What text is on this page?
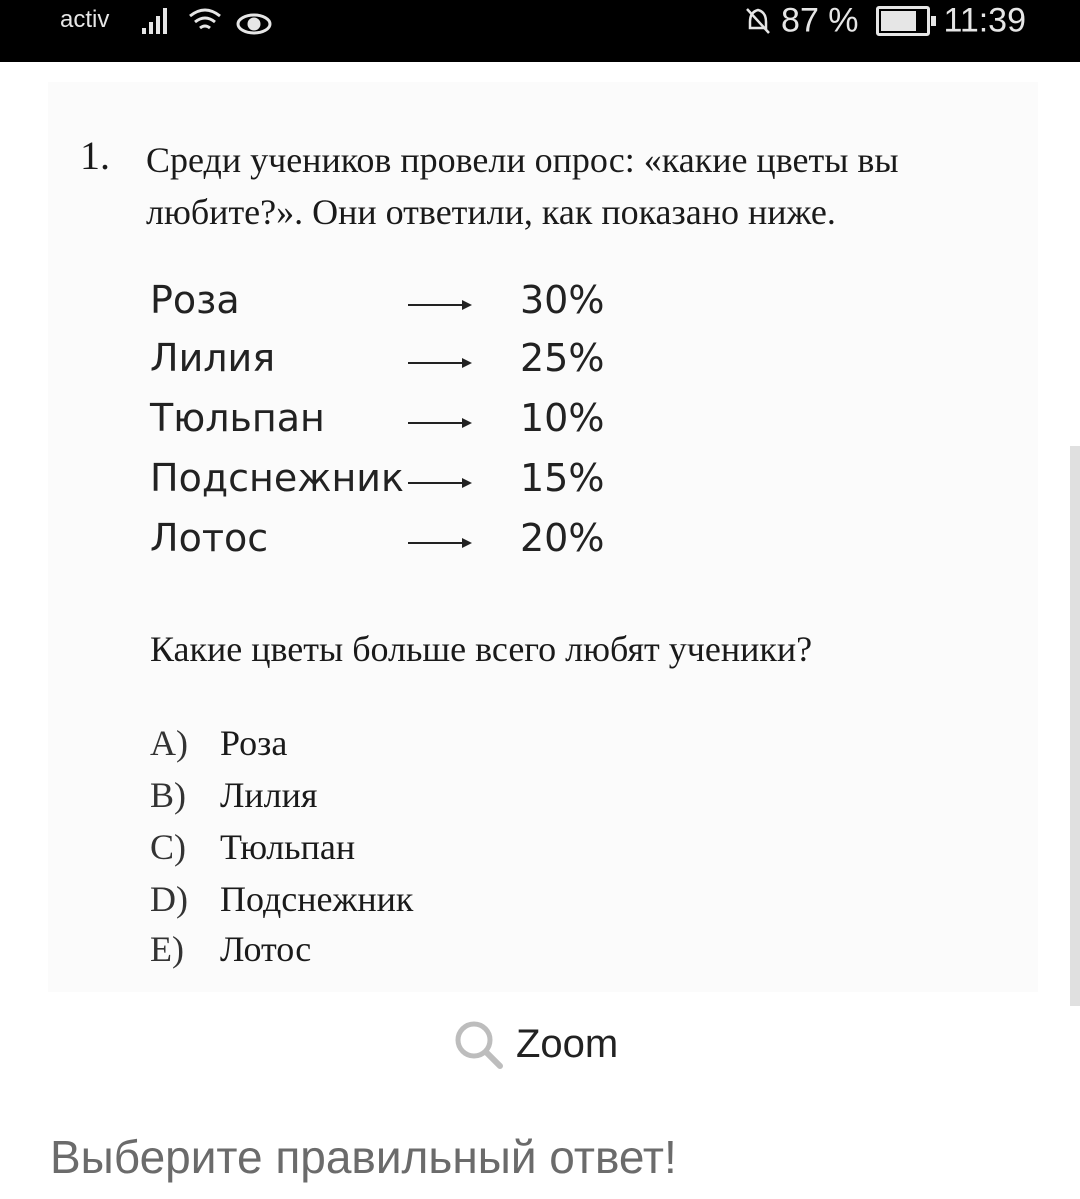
activ	87 % 11:39
1. Среди учеников провели опрос: «какие цветы вы любите?». Они ответили, как показано ниже.
Роза	30%
Лилия	25%
Тюльпан	10%
Подснежник	15%
Лотос	20%
Какие цветы больше всего любят ученики?
A) Роза
B) Лилия
C) Тюльпан
D) Подснежник
E) Лотос
Zoom
Выберите правильный ответ!
